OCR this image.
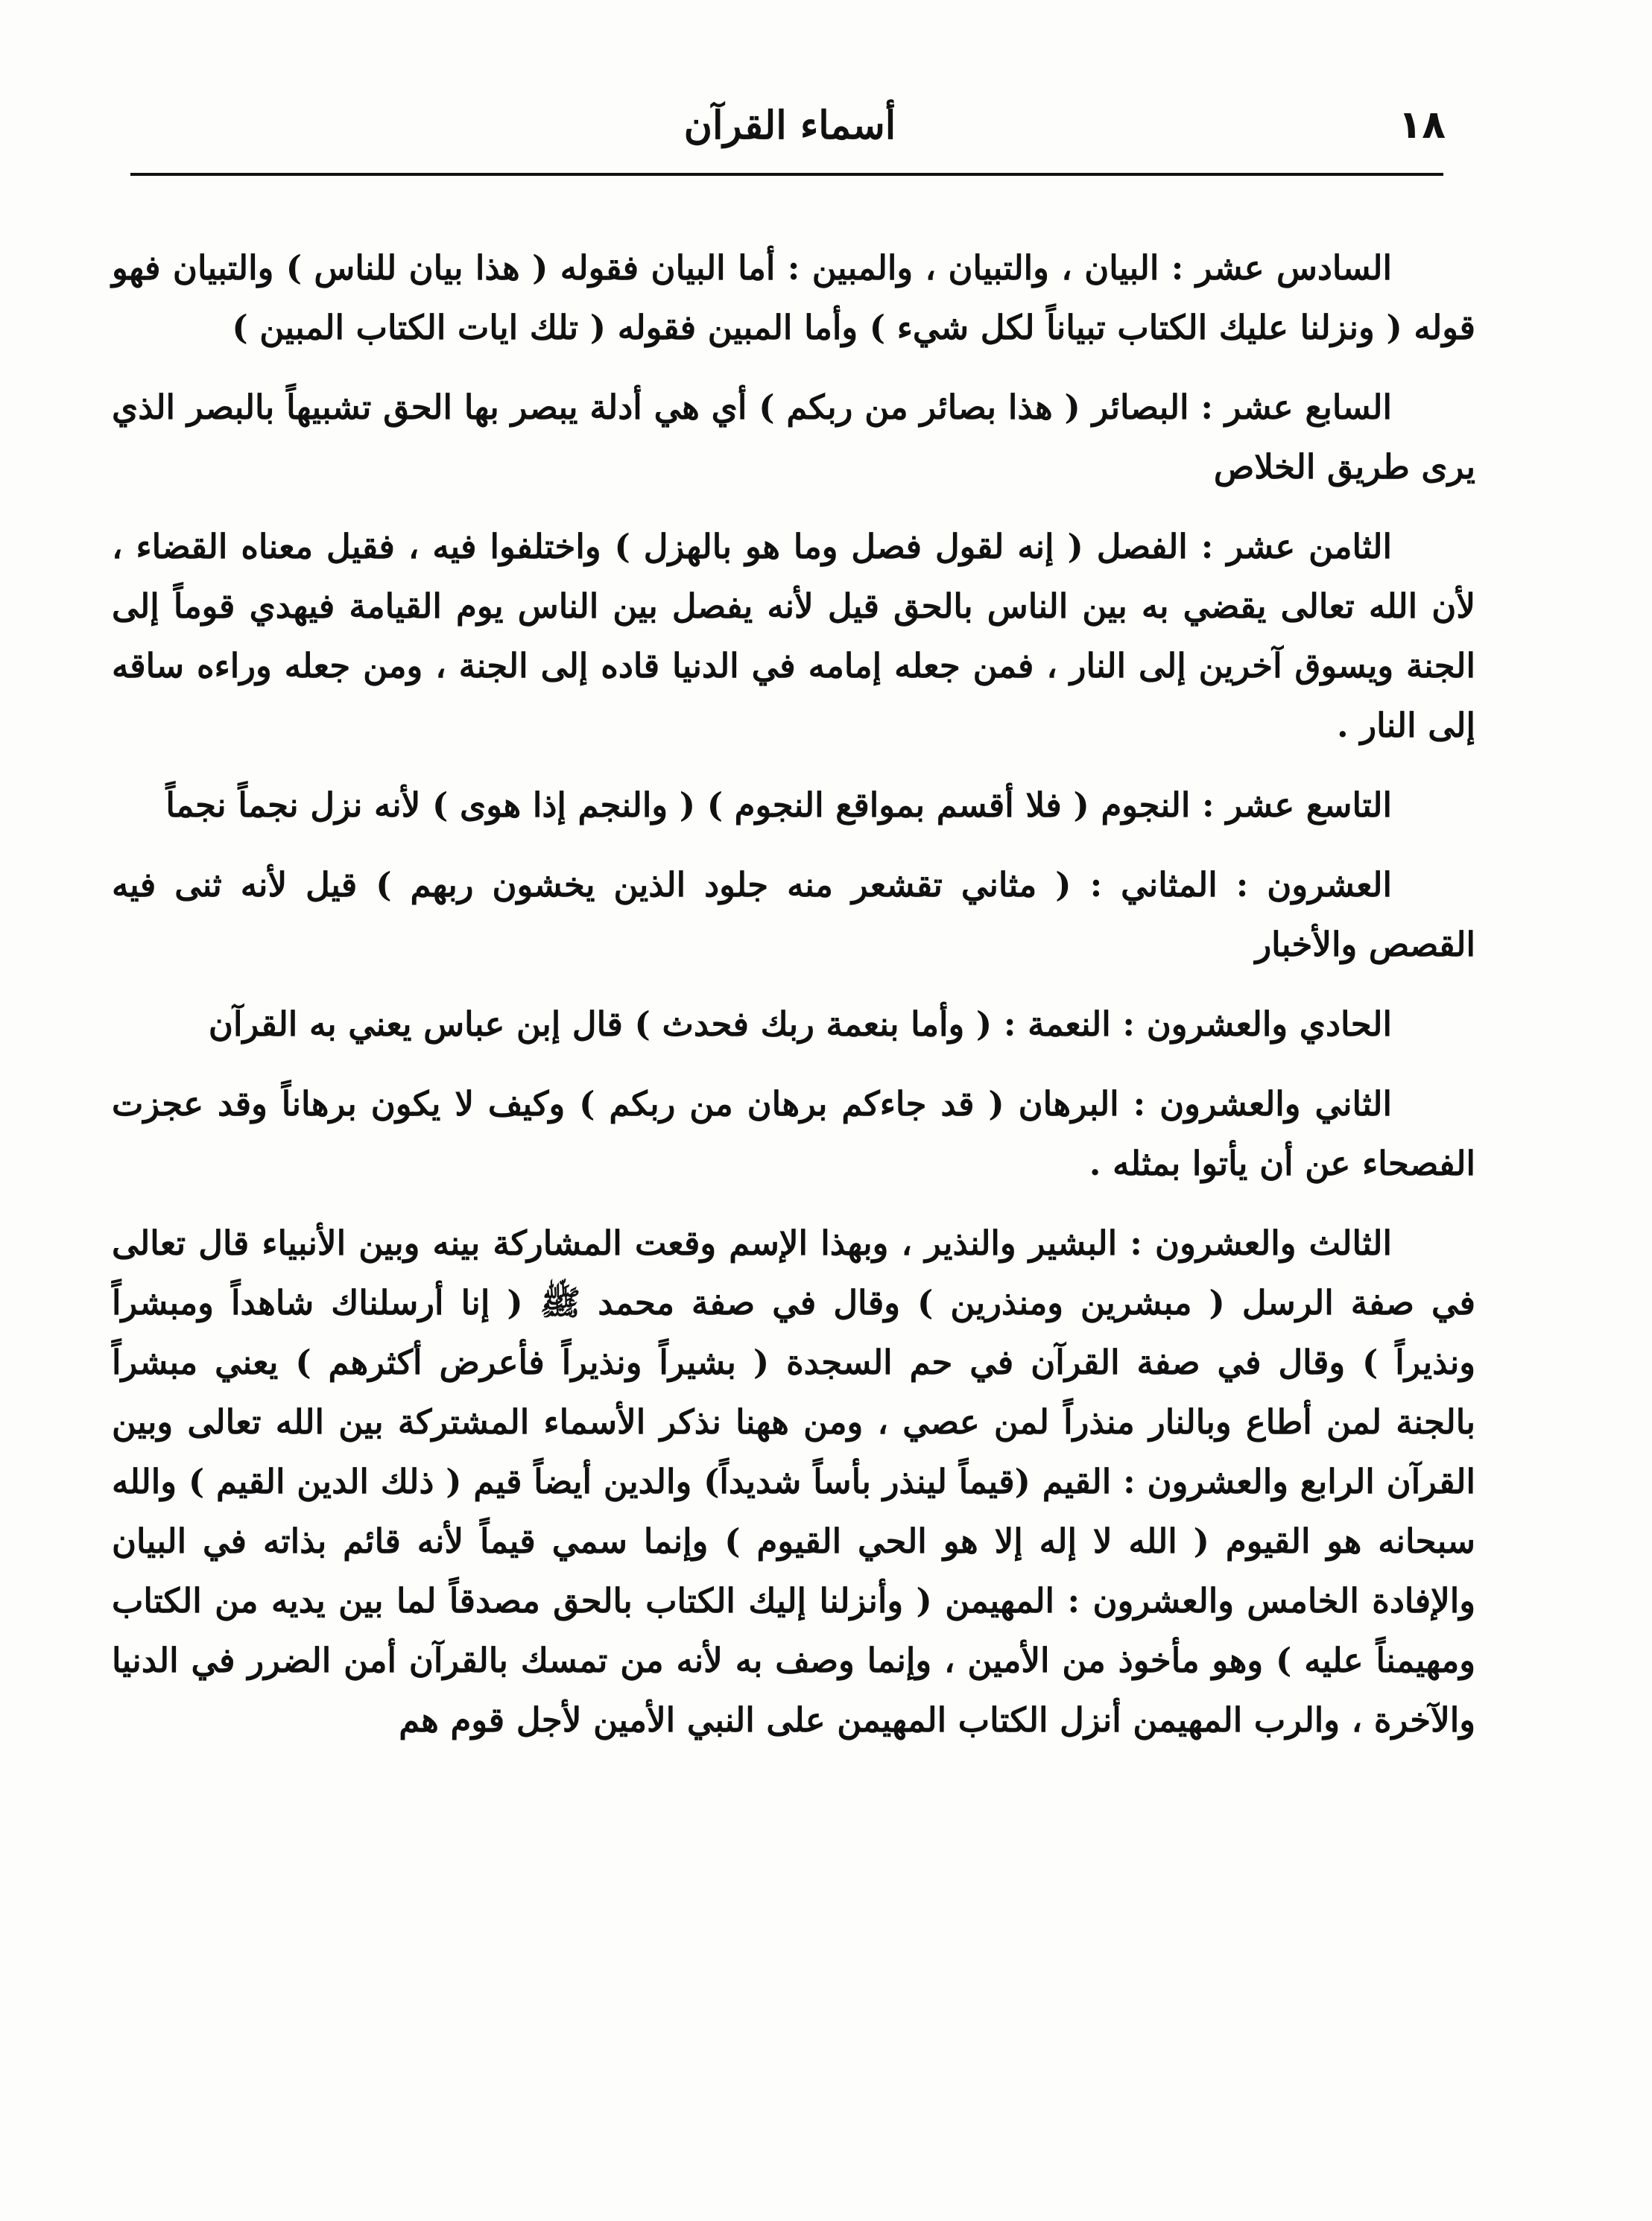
١٨
أسماء القرآن

السادس عشر : البيان ، والتبيان ، والمبين : أما البيان فقوله ( هذا بيان للناس ) والتبيان فهو قوله ( ونزلنا عليك الكتاب تبياناً لكل شيء ) وأما المبين فقوله ( تلك ايات الكتاب المبين )

السابع عشر : البصائر ( هذا بصائر من ربكم ) أي هي أدلة يبصر بها الحق تشبيهاً بالبصر الذي يرى طريق الخلاص

الثامن عشر : الفصل ( إنه لقول فصل وما هو بالهزل ) واختلفوا فيه ، فقيل معناه القضاء ، لأن الله تعالى يقضي به بين الناس بالحق قيل لأنه يفصل بين الناس يوم القيامة فيهدي قوماً إلى الجنة ويسوق آخرين إلى النار ، فمن جعله إمامه في الدنيا قاده إلى الجنة ، ومن جعله وراءه ساقه إلى النار .

التاسع عشر : النجوم ( فلا أقسم بمواقع النجوم ) ( والنجم إذا هوى ) لأنه نزل نجماً نجماً

العشرون : المثاني : ( مثاني تقشعر منه جلود الذين يخشون ربهم ) قيل لأنه ثنى فيه القصص والأخبار

الحادي والعشرون : النعمة : ( وأما بنعمة ربك فحدث ) قال إبن عباس يعني به القرآن

الثاني والعشرون : البرهان ( قد جاءكم برهان من ربكم ) وكيف لا يكون برهاناً وقد عجزت الفصحاء عن أن يأتوا بمثله .

الثالث والعشرون : البشير والنذير ، وبهذا الإسم وقعت المشاركة بينه وبين الأنبياء قال تعالى في صفة الرسل ( مبشرين ومنذرين ) وقال في صفة محمد ﷺ ( إنا أرسلناك شاهداً ومبشراً ونذيراً ) وقال في صفة القرآن في حم السجدة ( بشيراً ونذيراً فأعرض أكثرهم ) يعني مبشراً بالجنة لمن أطاع وبالنار منذراً لمن عصي ، ومن ههنا نذكر الأسماء المشتركة بين الله تعالى وبين القرآن الرابع والعشرون : القيم (قيماً لينذر بأساً شديداً) والدين أيضاً قيم ( ذلك الدين القيم ) والله سبحانه هو القيوم ( الله لا إله إلا هو الحي القيوم ) وإنما سمي قيماً لأنه قائم بذاته في البيان والإفادة الخامس والعشرون : المهيمن ( وأنزلنا إليك الكتاب بالحق مصدقاً لما بين يديه من الكتاب ومهيمناً عليه ) وهو مأخوذ من الأمين ، وإنما وصف به لأنه من تمسك بالقرآن أمن الضرر في الدنيا والآخرة ، والرب المهيمن أنزل الكتاب المهيمن على النبي الأمين لأجل قوم هم
